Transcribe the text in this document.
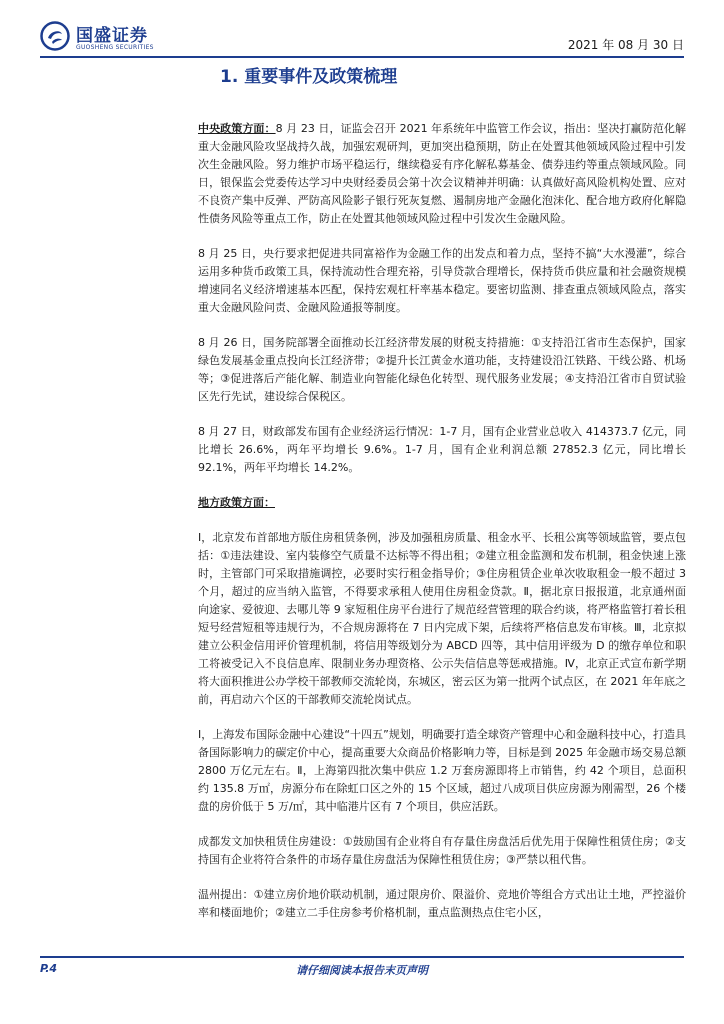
国盛证券
GUOSHENG SECURITIES	2021 年 08 月 30 日
1. 重要事件及政策梳理

中央政策方面：8 月 23 日，证监会召开 2021 年系统年中监管工作会议，指出：坚决打赢防范化解重大金融风险攻坚战持久战，加强宏观研判，更加突出稳预期，防止在处置其他领域风险过程中引发次生金融风险。努力维护市场平稳运行，继续稳妥有序化解私募基金、债券违约等重点领域风险。同日，银保监会党委传达学习中央财经委员会第十次会议精神并明确：认真做好高风险机构处置、应对不良资产集中反弹、严防高风险影子银行死灰复燃、遏制房地产金融化泡沫化、配合地方政府化解隐性债务风险等重点工作，防止在处置其他领域风险过程中引发次生金融风险。

8 月 25 日，央行要求把促进共同富裕作为金融工作的出发点和着力点，坚持不搞“大水漫灌”，综合运用多种货币政策工具，保持流动性合理充裕，引导贷款合理增长，保持货币供应量和社会融资规模增速同名义经济增速基本匹配，保持宏观杠杆率基本稳定。要密切监测、排查重点领域风险点，落实重大金融风险问责、金融风险通报等制度。

8 月 26 日，国务院部署全面推动长江经济带发展的财税支持措施：①支持沿江省市生态保护，国家绿色发展基金重点投向长江经济带；②提升长江黄金水道功能，支持建设沿江铁路、干线公路、机场等；③促进落后产能化解、制造业向智能化绿色化转型、现代服务业发展；④支持沿江省市自贸试验区先行先试，建设综合保税区。

8 月 27 日，财政部发布国有企业经济运行情况：1-7 月，国有企业营业总收入 414373.7 亿元，同比增长 26.6%，两年平均增长 9.6%。1-7 月，国有企业利润总额 27852.3 亿元，同比增长 92.1%，两年平均增长 14.2%。

地方政策方面：

Ⅰ，北京发布首部地方版住房租赁条例，涉及加强租房质量、租金水平、长租公寓等领域监管，要点包括：①违法建设、室内装修空气质量不达标等不得出租；②建立租金监测和发布机制，租金快速上涨时，主管部门可采取措施调控，必要时实行租金指导价；③住房租赁企业单次收取租金一般不超过 3 个月，超过的应当纳入监管，不得要求承租人使用住房租金贷款。Ⅱ，据北京日报报道，北京通州面向途家、爱彼迎、去哪儿等 9 家短租住房平台进行了规范经营管理的联合约谈，将严格监管打着长租短号经营短租等违规行为，不合规房源将在 7 日内完成下架，后续将严格信息发布审核。Ⅲ，北京拟建立公积金信用评价管理机制，将信用等级划分为 ABCD 四等，其中信用评级为 D 的缴存单位和职工将被受记入不良信息库、限制业务办理资格、公示失信信息等惩戒措施。Ⅳ，北京正式宣布新学期将大面积推进公办学校干部教师交流轮岗，东城区，密云区为第一批两个试点区，在 2021 年年底之前，再启动六个区的干部教师交流轮岗试点。

Ⅰ，上海发布国际金融中心建设“十四五”规划，明确要打造全球资产管理中心和金融科技中心，打造具备国际影响力的碳定价中心，提高重要大众商品价格影响力等，目标是到 2025 年金融市场交易总额 2800 万亿元左右。Ⅱ，上海第四批次集中供应 1.2 万套房源即将上市销售，约 42 个项目，总面积约 135.8 万㎡，房源分布在除虹口区之外的 15 个区域，超过八成项目供应房源为刚需型，26 个楼盘的房价低于 5 万/㎡，其中临港片区有 7 个项目，供应活跃。

成都发文加快租赁住房建设：①鼓励国有企业将自有存量住房盘活后优先用于保障性租赁住房；②支持国有企业将符合条件的市场存量住房盘活为保障性租赁住房；③严禁以租代售。

温州提出：①建立房价地价联动机制，通过限房价、限溢价、竞地价等组合方式出让土地，严控溢价率和楼面地价；②建立二手住房参考价格机制，重点监测热点住宅小区，

P.4	请仔细阅读本报告末页声明
